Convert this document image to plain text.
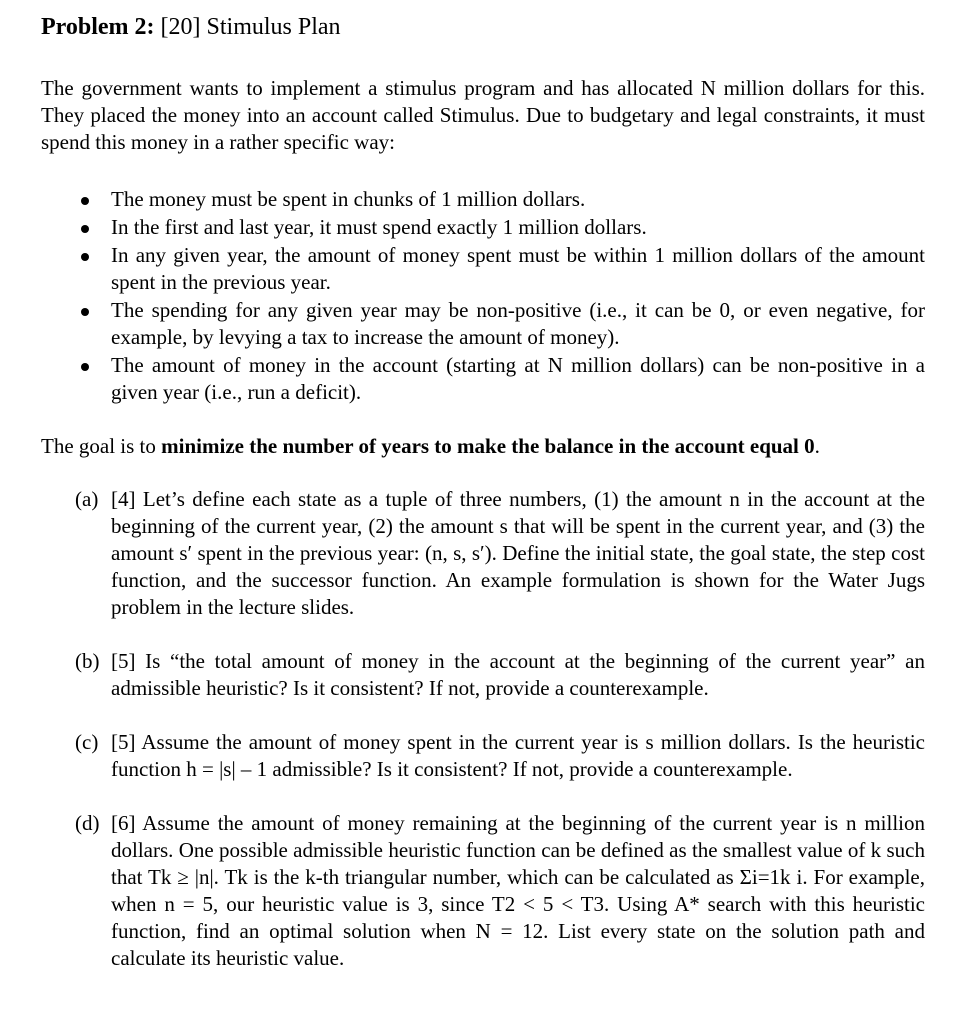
Problem 2: [20] Stimulus Plan

The government wants to implement a stimulus program and has allocated N million dollars for this. They placed the money into an account called Stimulus. Due to budgetary and legal constraints, it must spend this money in a rather specific way:

The money must be spent in chunks of 1 million dollars.
In the first and last year, it must spend exactly 1 million dollars.
In any given year, the amount of money spent must be within 1 million dollars of the amount spent in the previous year.
The spending for any given year may be non-positive (i.e., it can be 0, or even negative, for example, by levying a tax to increase the amount of money).
The amount of money in the account (starting at N million dollars) can be non-positive in a given year (i.e., run a deficit).

The goal is to minimize the number of years to make the balance in the account equal 0.

(a) [4] Let’s define each state as a tuple of three numbers, (1) the amount n in the account at the beginning of the current year, (2) the amount s that will be spent in the current year, and (3) the amount s′ spent in the previous year: (n, s, s′). Define the initial state, the goal state, the step cost function, and the successor function. An example formulation is shown for the Water Jugs problem in the lecture slides.
(b) [5] Is “the total amount of money in the account at the beginning of the current year” an admissible heuristic? Is it consistent? If not, provide a counterexample.
(c) [5] Assume the amount of money spent in the current year is s million dollars. Is the heuristic function h = |s| – 1 admissible? Is it consistent? If not, provide a counterexample.
(d) [6] Assume the amount of money remaining at the beginning of the current year is n million dollars. One possible admissible heuristic function can be defined as the smallest value of k such that Tk ≥ |n|. Tk is the k-th triangular number, which can be calculated as Σi=1k i. For example, when n = 5, our heuristic value is 3, since T2 < 5 < T3. Using A* search with this heuristic function, find an optimal solution when N = 12. List every state on the solution path and calculate its heuristic value.
